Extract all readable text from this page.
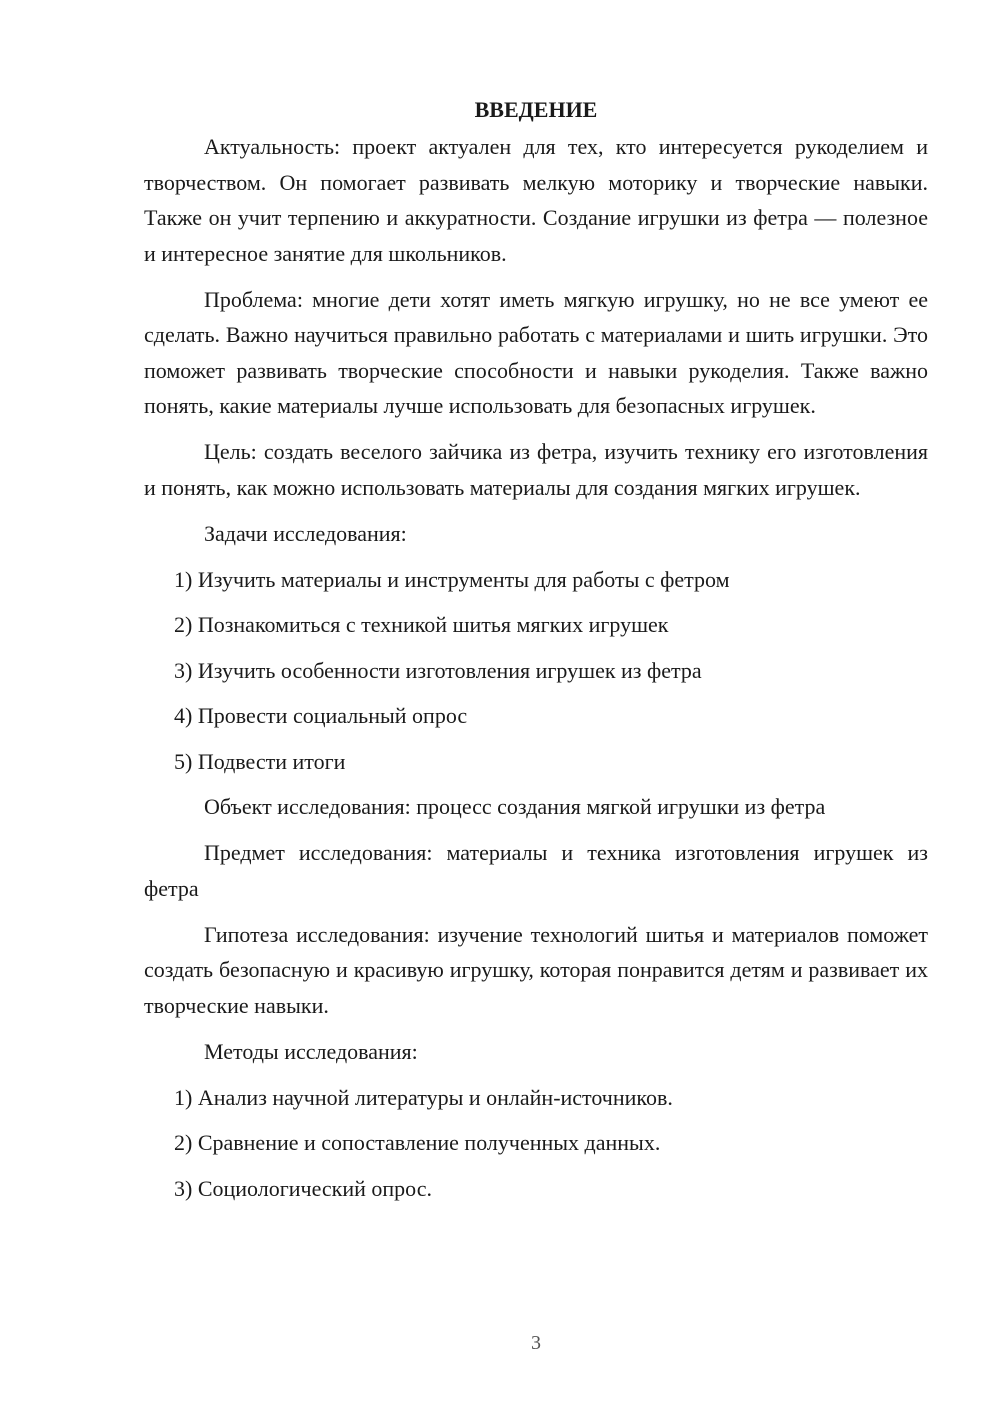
ВВЕДЕНИЕ

Актуальность: проект актуален для тех, кто интересуется рукоделием и творчеством. Он помогает развивать мелкую моторику и творческие навыки. Также он учит терпению и аккуратности. Создание игрушки из фетра — полезное и интересное занятие для школьников.

Проблема: многие дети хотят иметь мягкую игрушку, но не все умеют ее сделать. Важно научиться правильно работать с материалами и шить игрушки. Это поможет развивать творческие способности и навыки рукоделия. Также важно понять, какие материалы лучше использовать для безопасных игрушек.

Цель: создать веселого зайчика из фетра, изучить технику его изготовления и понять, как можно использовать материалы для создания мягких игрушек.

Задачи исследования:

1) Изучить материалы и инструменты для работы с фетром
2) Познакомиться с техникой шитья мягких игрушек
3) Изучить особенности изготовления игрушек из фетра
4) Провести социальный опрос
5) Подвести итоги

Объект исследования: процесс создания мягкой игрушки из фетра

Предмет исследования: материалы и техника изготовления игрушек из фетра

Гипотеза исследования: изучение технологий шитья и материалов поможет создать безопасную и красивую игрушку, которая понравится детям и развивает их творческие навыки.

Методы исследования:

1) Анализ научной литературы и онлайн-источников.
2) Сравнение и сопоставление полученных данных.
3) Социологический опрос.
3
